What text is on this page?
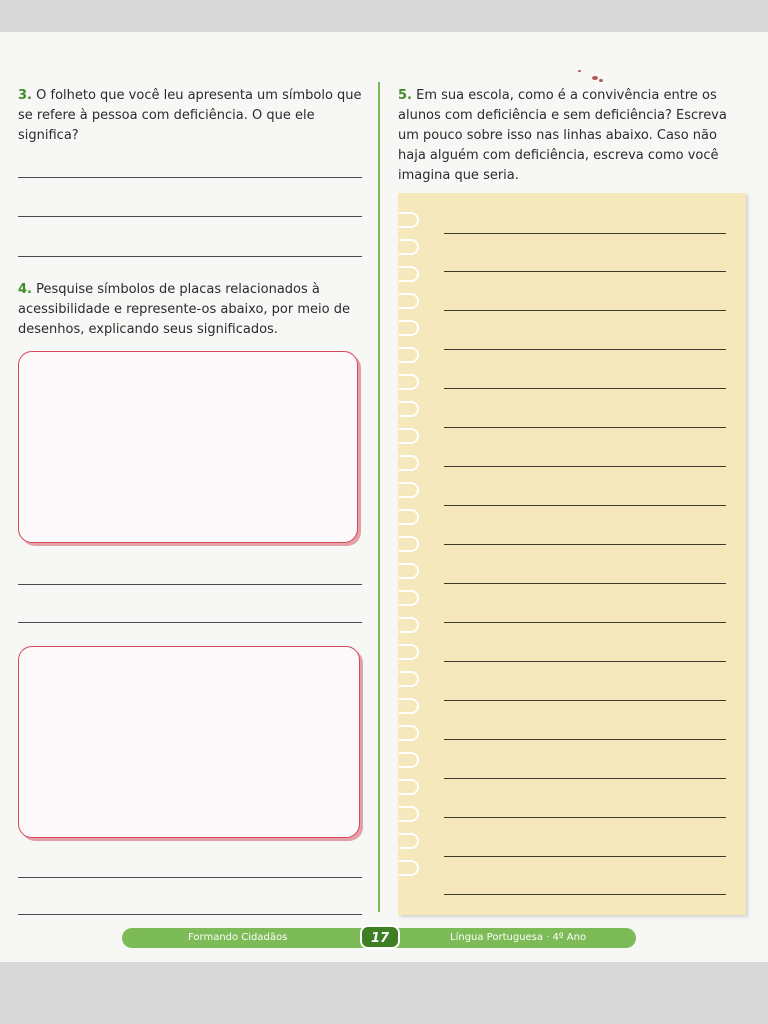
3. O folheto que você leu apresenta um símbolo que se refere à pessoa com deficiência. O que ele significa?
4. Pesquise símbolos de placas relacionados à acessibilidade e represente-os abaixo, por meio de desenhos, explicando seus significados.
5. Em sua escola, como é a convivência entre os alunos com deficiência e sem deficiência? Escreva um pouco sobre isso nas linhas abaixo. Caso não haja alguém com deficiência, escreva como você imagina que seria.
Formando Cidadãos	Língua Portuguesa · 4º Ano
17
